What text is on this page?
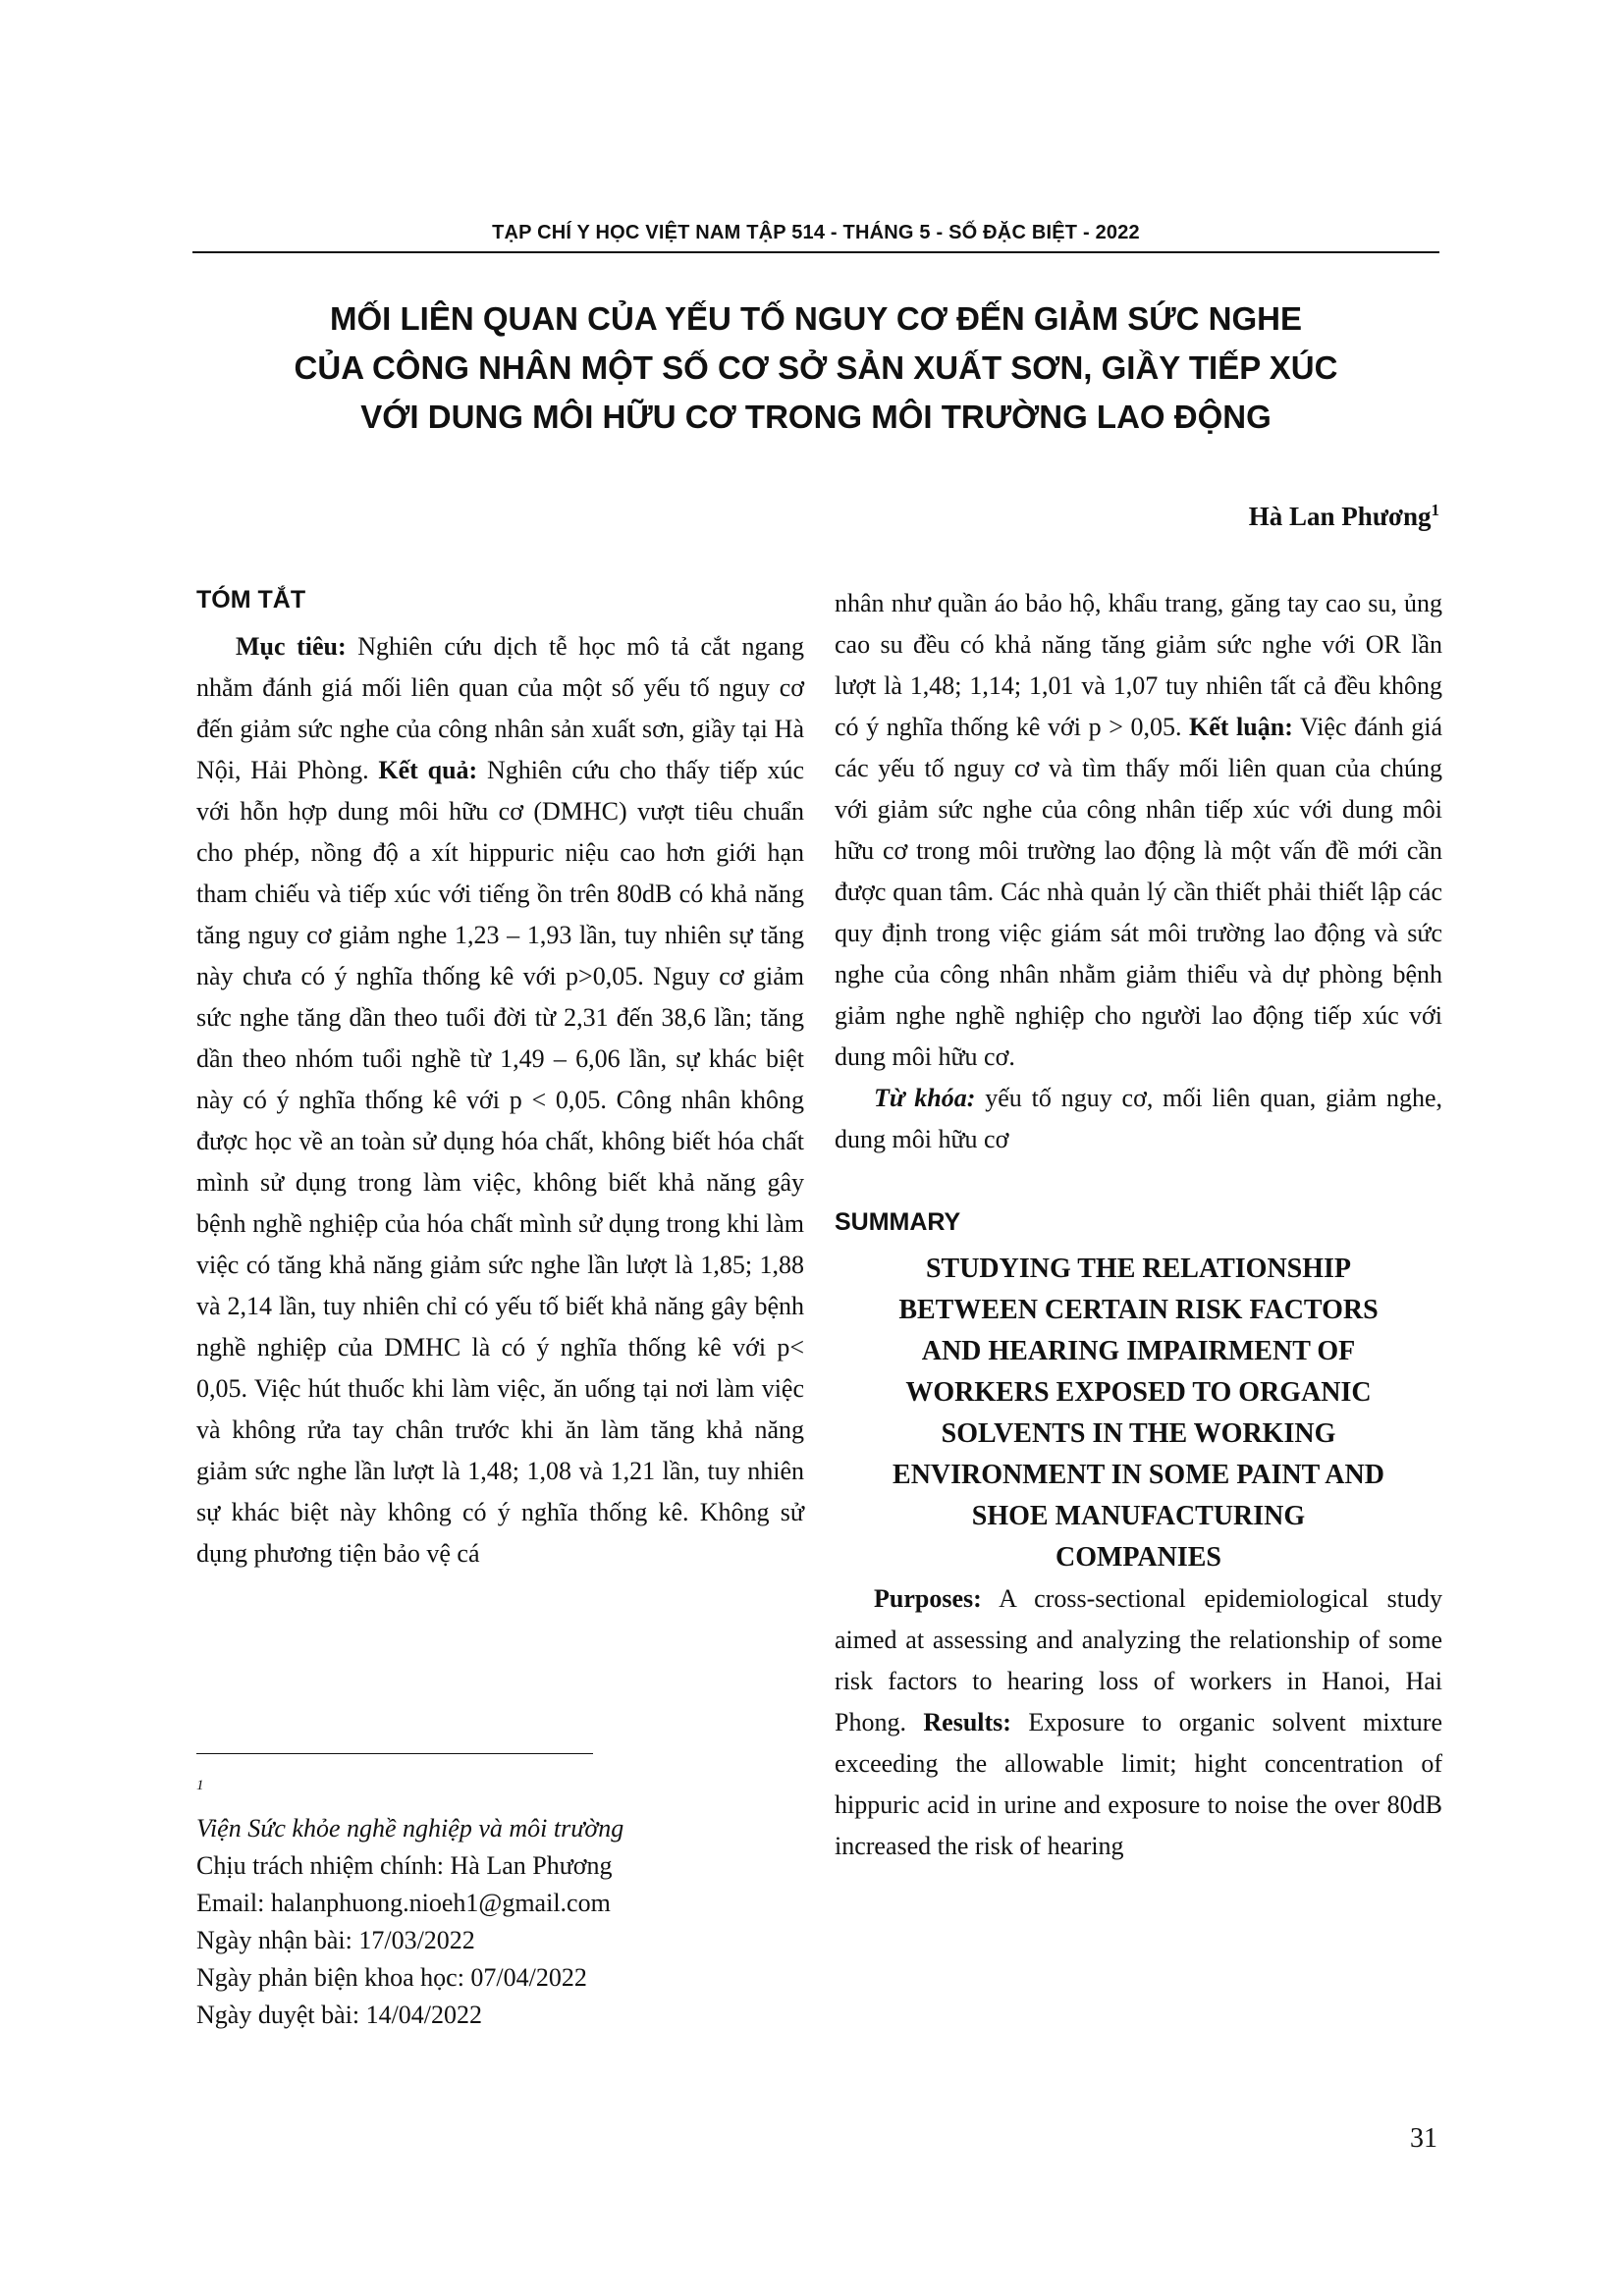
TẠP CHÍ Y HỌC VIỆT NAM TẬP 514 - THÁNG 5 - SỐ ĐẶC BIỆT - 2022
MỐI LIÊN QUAN CỦA YẾU TỐ NGUY CƠ ĐẾN GIẢM SỨC NGHE
CỦA CÔNG NHÂN MỘT SỐ CƠ SỞ SẢN XUẤT SƠN, GIẦY TIẾP XÚC
VỚI DUNG MÔI HỮU CƠ TRONG MÔI TRƯỜNG LAO ĐỘNG
Hà Lan Phương$^1$
TÓM TẮT
Mục tiêu: Nghiên cứu dịch tễ học mô tả cắt ngang nhằm đánh giá mối liên quan của một số yếu tố nguy cơ đến giảm sức nghe của công nhân sản xuất sơn, giầy tại Hà Nội, Hải Phòng. Kết quả: Nghiên cứu cho thấy tiếp xúc với hỗn hợp dung môi hữu cơ (DMHC) vượt tiêu chuẩn cho phép, nồng độ a xít hippuric niệu cao hơn giới hạn tham chiếu và tiếp xúc với tiếng ồn trên 80dB có khả năng tăng nguy cơ giảm nghe 1,23 – 1,93 lần, tuy nhiên sự tăng này chưa có ý nghĩa thống kê với p>0,05. Nguy cơ giảm sức nghe tăng dần theo tuổi đời từ 2,31 đến 38,6 lần; tăng dần theo nhóm tuổi nghề từ 1,49 – 6,06 lần, sự khác biệt này có ý nghĩa thống kê với p < 0,05. Công nhân không được học về an toàn sử dụng hóa chất, không biết hóa chất mình sử dụng trong làm việc, không biết khả năng gây bệnh nghề nghiệp của hóa chất mình sử dụng trong khi làm việc có tăng khả năng giảm sức nghe lần lượt là 1,85; 1,88 và 2,14 lần, tuy nhiên chỉ có yếu tố biết khả năng gây bệnh nghề nghiệp của DMHC là có ý nghĩa thống kê với p< 0,05. Việc hút thuốc khi làm việc, ăn uống tại nơi làm việc và không rửa tay chân trước khi ăn làm tăng khả năng giảm sức nghe lần lượt là 1,48; 1,08 và 1,21 lần, tuy nhiên sự khác biệt này không có ý nghĩa thống kê. Không sử dụng phương tiện bảo vệ cá
$^1$
Viện Sức khỏe nghề nghiệp và môi trường
Chịu trách nhiệm chính: Hà Lan Phương
Email: halanphuong.nioeh1@gmail.com
Ngày nhận bài: 17/03/2022
Ngày phản biện khoa học: 07/04/2022
Ngày duyệt bài: 14/04/2022
nhân như quần áo bảo hộ, khẩu trang, găng tay cao su, ủng cao su đều có khả năng tăng giảm sức nghe với OR lần lượt là 1,48; 1,14; 1,01 và 1,07 tuy nhiên tất cả đều không có ý nghĩa thống kê với p > 0,05. Kết luận: Việc đánh giá các yếu tố nguy cơ và tìm thấy mối liên quan của chúng với giảm sức nghe của công nhân tiếp xúc với dung môi hữu cơ trong môi trường lao động là một vấn đề mới cần được quan tâm. Các nhà quản lý cần thiết phải thiết lập các quy định trong việc giám sát môi trường lao động và sức nghe của công nhân nhằm giảm thiểu và dự phòng bệnh giảm nghe nghề nghiệp cho người lao động tiếp xúc với dung môi hữu cơ.
Từ khóa: yếu tố nguy cơ, mối liên quan, giảm nghe, dung môi hữu cơ
SUMMARY
STUDYING THE RELATIONSHIP
BETWEEN CERTAIN RISK FACTORS
AND HEARING IMPAIRMENT OF
WORKERS EXPOSED TO ORGANIC
SOLVENTS IN THE WORKING
ENVIRONMENT IN SOME PAINT AND
SHOE MANUFACTURING
COMPANIES
Purposes: A cross-sectional epidemiological study aimed at assessing and analyzing the relationship of some risk factors to hearing loss of workers in Hanoi, Hai Phong. Results: Exposure to organic solvent mixture exceeding the allowable limit; hight concentration of hippuric acid in urine and exposure to noise the over 80dB increased the risk of hearing
31
